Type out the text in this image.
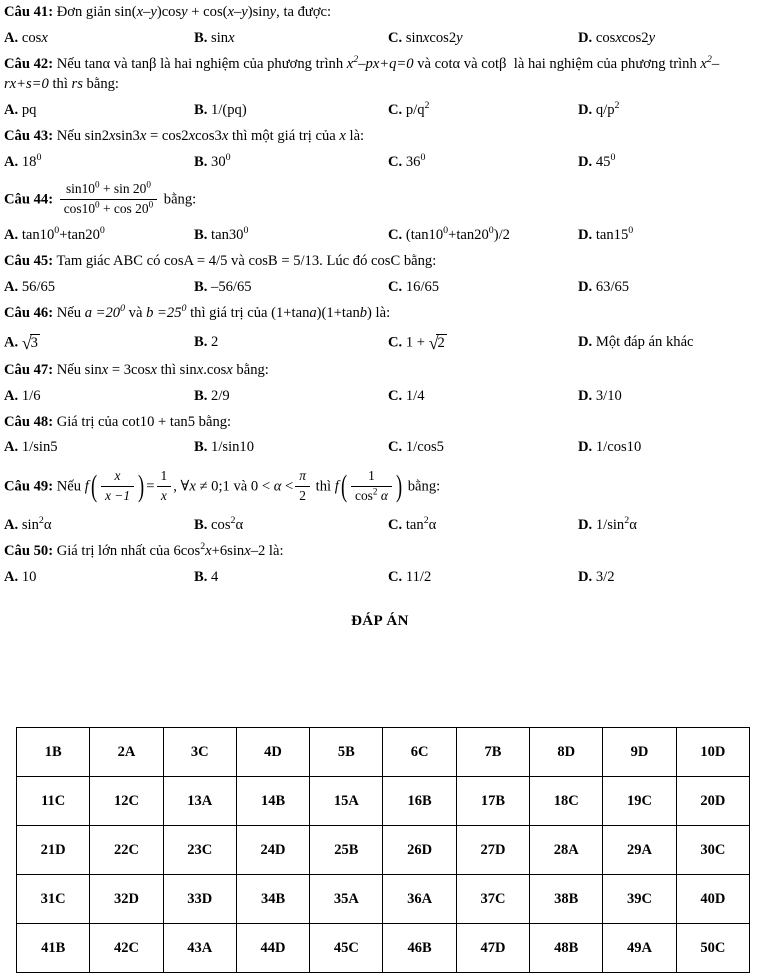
Câu 41: Đơn giản sin(x–y)cosy + cos(x–y)siny, ta được:
A. cosx	B. sinx	C. sinxcos2y	D. cosxcos2y
Câu 42: Nếu tanα và tanβ là hai nghiệm của phương trình $x^2-px+q=0$ và cotα và cotβ  là hai nghiệm của phương trình $x^2-rx+s=0$ thì rs bằng:
A. pq	B. 1/(pq)	C. $p/q^2$	D. $q/p^2$
Câu 43: Nếu sin2xsin3x = cos2xcos3x thì một giá trị của x là:
A. $18^0$	B. $30^0$	C. $36^0$	D. $45^0$
Câu 44: $\frac{\sin 10^0 + \sin 20^0}{\cos 10^0 + \cos 20^0}$ bằng:
A. $\tan 10^0+\tan 20^0$	B. $\tan 30^0$	C. $(\tan 10^0+\tan 20^0)/2$	D. $\tan 15^0$
Câu 45: Tam giác ABC có cosA = 4/5 và cosB = 5/13. Lúc đó cosC bằng:
A. 56/65	B. –56/65	C. 16/65	D. 63/65
Câu 46: Nếu $a =20^0$ và $b =25^0$ thì giá trị của (1+tana)(1+tanb) là:
A. √3	B. 2	C. 1 + √2	D. Một đáp án khác
Câu 47: Nếu sinx = 3cosx thì sinx.cosx bằng:
A. 1/6	B. 2/9	C. 1/4	D. 3/10
Câu 48: Giá trị của cot10 + tan5 bằng:
A. 1/sin5	B. 1/sin10	C. 1/cos5	D. 1/cos10
Câu 49: Nếu $f( \frac{x}{x -1}$ ) = $\frac{1}{x}$ , ∀x ≠ 0;1 và $0 < \alpha < \frac{\pi}{2}$ thì $f( \frac{1}{\cos^2 \alpha}$ ) bằng:
A. $\sin^2\alpha$	B. $\cos^2\alpha$	C. $\tan^2\alpha$	D. $1/\sin^2\alpha$
Câu 50: Giá trị lớn nhất của $6\cos^2x+6\sin x-2$ là:
A. 10	B. 4	C. 11/2	D. 3/2
ĐÁP ÁN
1B	2A	3C	4D	5B	6C	7B	8D	9D	10D
11C	12C	13A	14B	15A	16B	17B	18C	19C	20D
21D	22C	23C	24D	25B	26D	27D	28A	29A	30C
31C	32D	33D	34B	35A	36A	37C	38B	39C	40D
41B	42C	43A	44D	45C	46B	47D	48B	49A	50C
